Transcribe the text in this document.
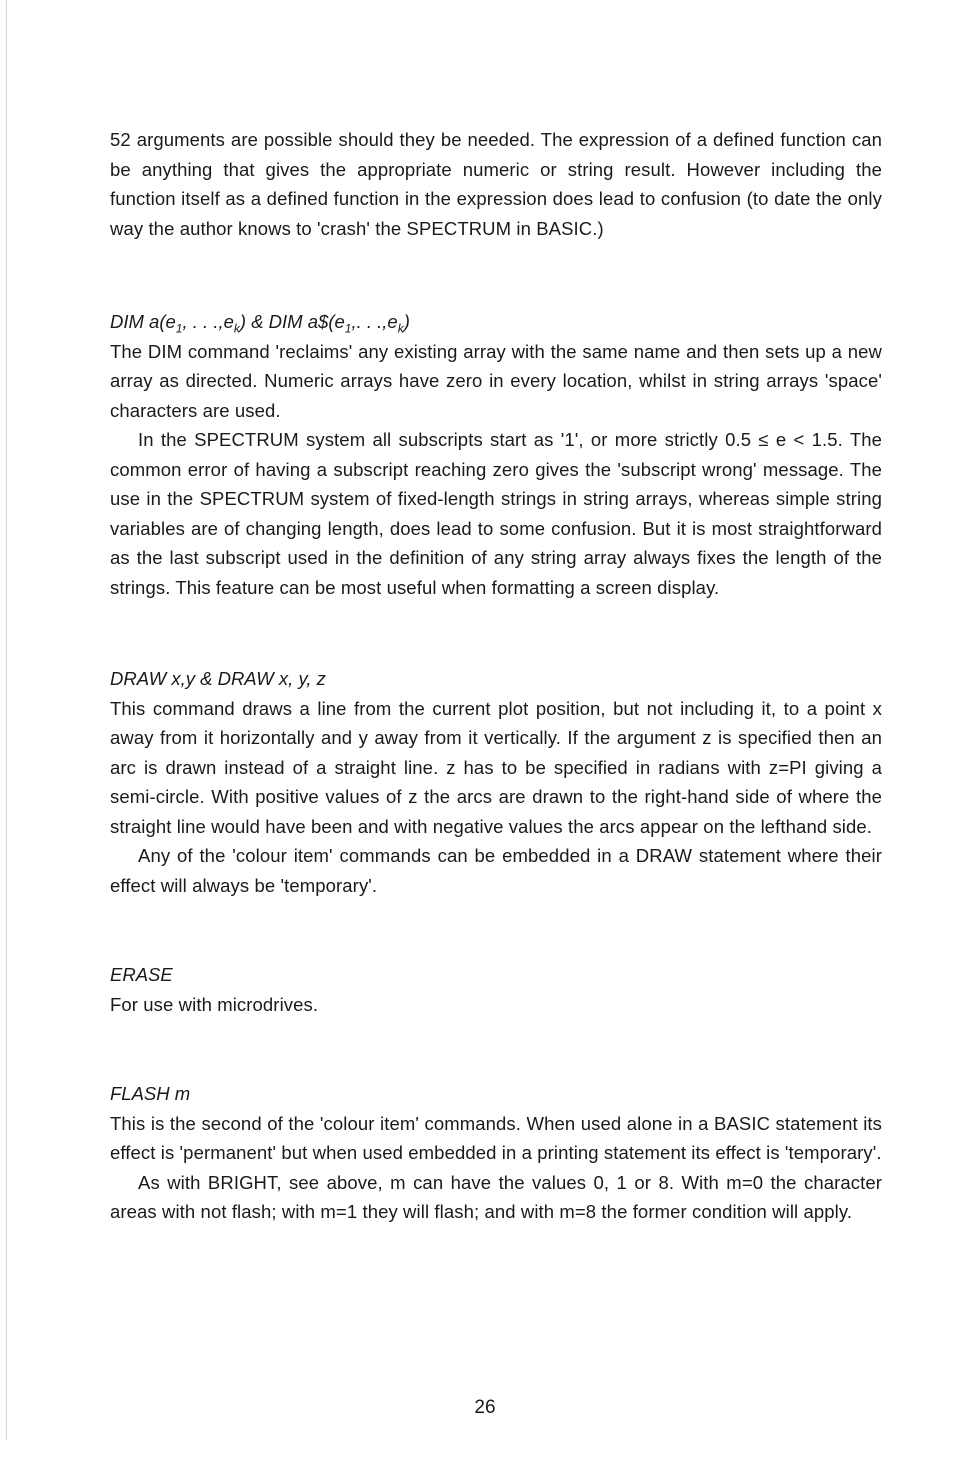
52 arguments are possible should they be needed. The expression of a defined function can be anything that gives the appropriate numeric or string result. However including the function itself as a defined function in the expression does lead to confusion (to date the only way the author knows to 'crash' the SPECTRUM in BASIC.)

DIM $a(e_1$, . . $.,e_k$) & DIM $a\$(e_1$,. . $.,e_k$)

The DIM command 'reclaims' any existing array with the same name and then sets up a new array as directed. Numeric arrays have zero in every location, whilst in string arrays 'space' characters are used.

In the SPECTRUM system all subscripts start as '1', or more strictly 0.5 ≤ e < 1.5. The common error of having a subscript reaching zero gives the 'subscript wrong' message. The use in the SPECTRUM system of fixed-length strings in string arrays, whereas simple string variables are of changing length, does lead to some confusion. But it is most straightforward as the last subscript used in the definition of any string array always fixes the length of the strings. This feature can be most useful when formatting a screen display.

DRAW x,y & DRAW x, y, z

This command draws a line from the current plot position, but not including it, to a point x away from it horizontally and y away from it vertically. If the argument z is specified then an arc is drawn instead of a straight line. z has to be specified in radians with z=PI giving a semi-circle. With positive values of z the arcs are drawn to the right-hand side of where the straight line would have been and with negative values the arcs appear on the lefthand side.

Any of the 'colour item' commands can be embedded in a DRAW statement where their effect will always be 'temporary'.

ERASE

For use with microdrives.

FLASH m

This is the second of the 'colour item' commands. When used alone in a BASIC statement its effect is 'permanent' but when used embedded in a printing statement its effect is 'temporary'.

As with BRIGHT, see above, m can have the values 0, 1 or 8. With m=0 the character areas with not flash; with m=1 they will flash; and with m=8 the former condition will apply.

26
